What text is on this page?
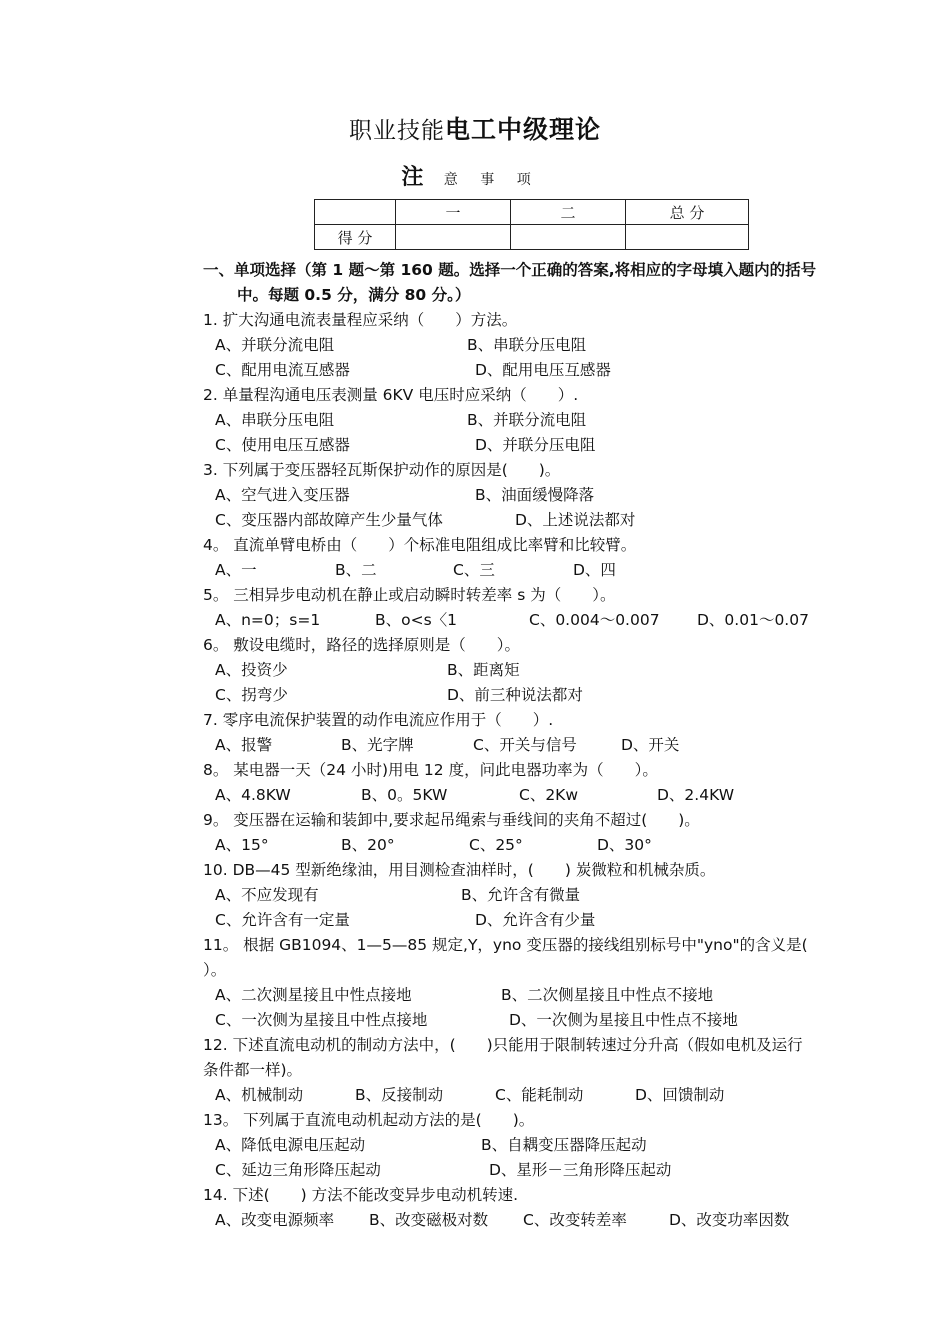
职业技能电工中级理论
注 意 事 项
	一	二	总 分
得 分			
一、单项选择（第 1 题～第 160 题。选择一个正确的答案,将相应的字母填入题内的括号
中。每题 0.5 分，满分 80 分。）
1. 扩大沟通电流表量程应采纳（　　）方法。
A、并联分流电阻	B、串联分压电阻
C、配用电流互感器	D、配用电压互感器
2. 单量程沟通电压表测量 6KV 电压时应采纳（　　）.
A、串联分压电阻	B、并联分流电阻
C、使用电压互感器	D、并联分压电阻
3. 下列属于变压器轻瓦斯保护动作的原因是(　　)。
A、空气进入变压器	B、油面缓慢降落
C、变压器内部故障产生少量气体	D、上述说法都对
4。 直流单臂电桥由（　　）个标准电阻组成比率臂和比较臂。
A、一	B、二	C、三	D、四
5。 三相异步电动机在静止或启动瞬时转差率 s 为（　　）。
A、n=0；s=1	B、o<s〈1	C、0.004～0.007 D、0.01～0.07
6。 敷设电缆时，路径的选择原则是（　　）。
A、投资少	B、距离矩
C、拐弯少	D、前三种说法都对
7. 零序电流保护装置的动作电流应作用于（　　）.
A、报警	B、光字牌	C、开关与信号	D、开关
8。 某电器一天（24 小时)用电 12 度，问此电器功率为（　　）。
A、4.8KW	B、0。5KW	C、2Kw	D、2.4KW
9。 变压器在运输和装卸中,要求起吊绳索与垂线间的夹角不超过(　　)。
A、15°	B、20°	C、25°	D、30°
10. DB—45 型新绝缘油，用目测检查油样时，(　　) 炭微粒和机械杂质。
A、不应发现有	B、允许含有微量
C、允许含有一定量	D、允许含有少量
11。 根据 GB1094、1—5—85 规定,Y，yno 变压器的接线组别标号中"yno"的含义是(
）。
A、二次测星接且中性点接地	B、二次侧星接且中性点不接地
C、一次侧为星接且中性点接地	D、一次侧为星接且中性点不接地
12. 下述直流电动机的制动方法中，(　　)只能用于限制转速过分升高（假如电机及运行
条件都一样)。
A、机械制动	B、反接制动	C、能耗制动	D、回馈制动
13。 下列属于直流电动机起动方法的是(　　)。
A、降低电源电压起动	B、自耦变压器降压起动
C、延边三角形降压起动	D、星形－三角形降压起动
14. 下述(　　) 方法不能改变异步电动机转速.
A、改变电源频率 B、改变磁极对数 C、改变转差率	D、改变功率因数
